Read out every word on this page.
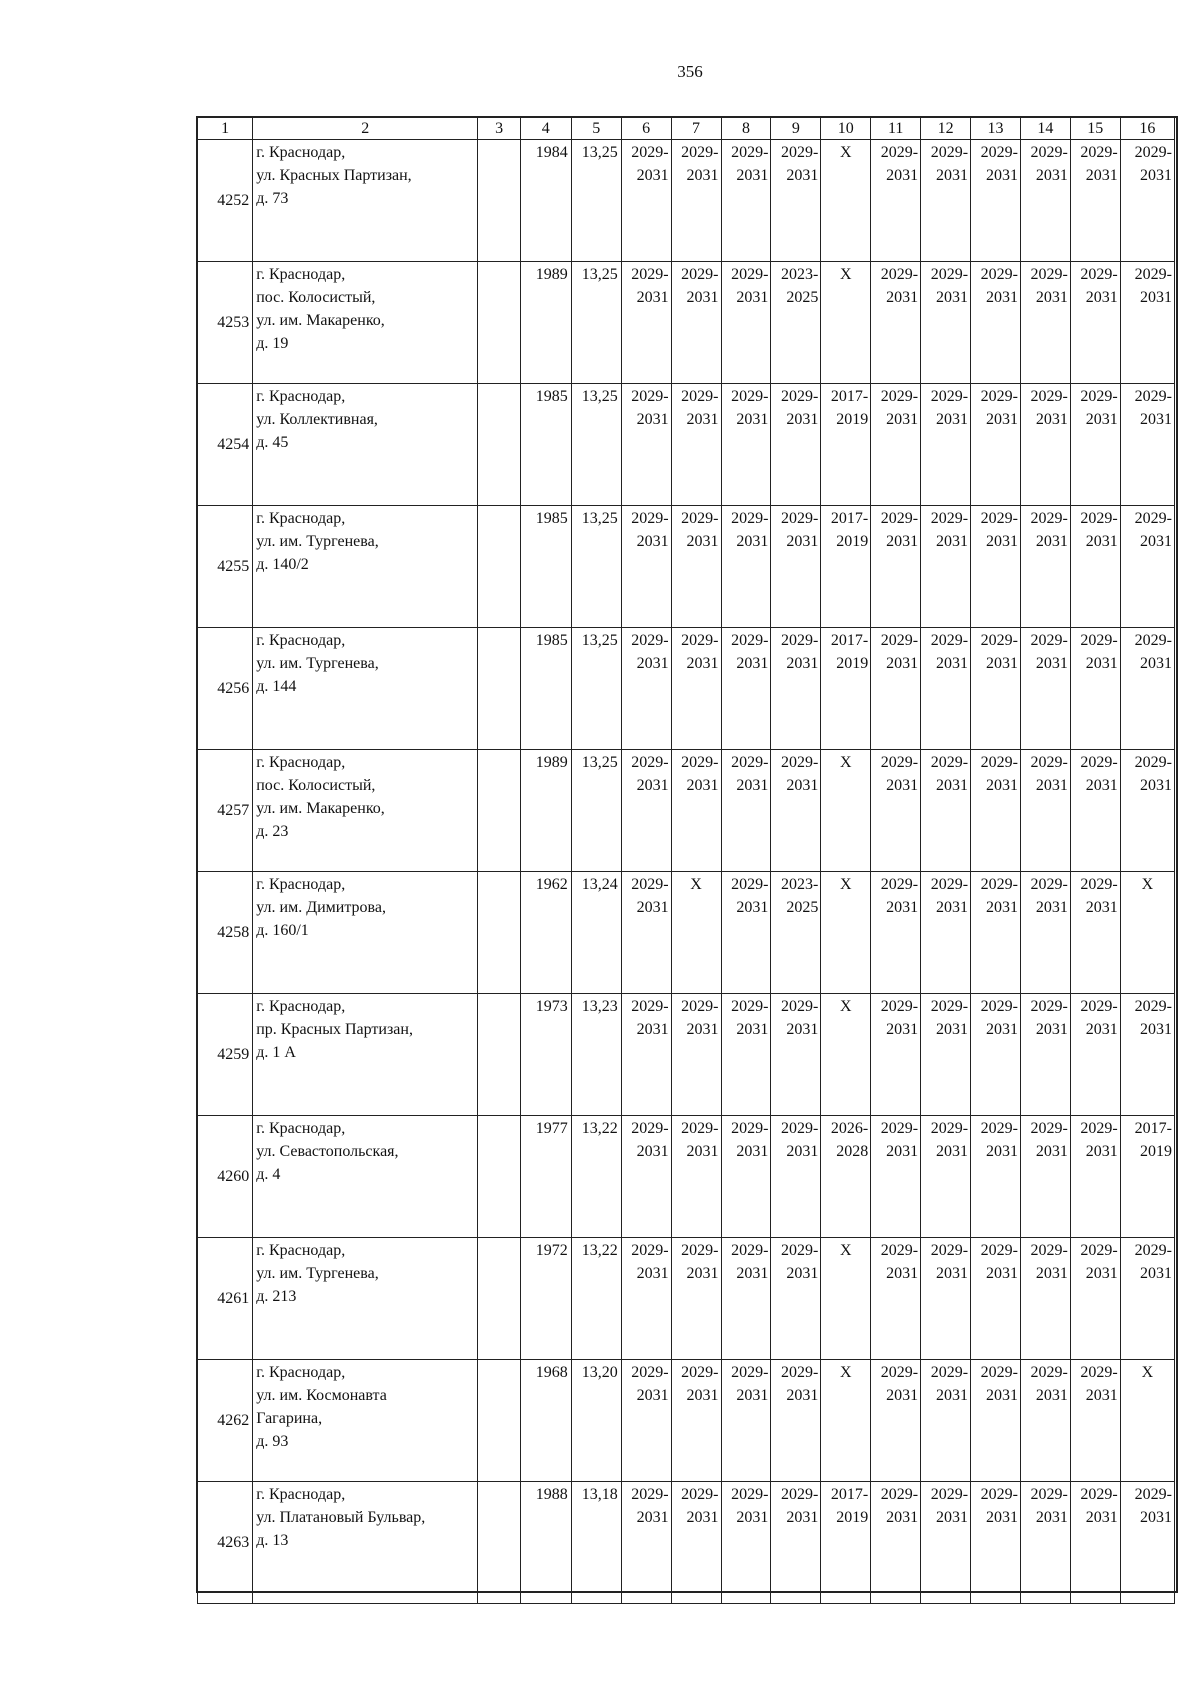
356
1	2	3	4	5	6	7	8	9	10	11	12	13	14	15	16
4252	г. Краснодар,
ул. Красных Партизан,
д. 73		1984	13,25	2029-
2031	2029-
2031	2029-
2031	2029-
2031	X	2029-
2031	2029-
2031	2029-
2031	2029-
2031	2029-
2031	2029-
2031

4253	г. Краснодар,
пос. Колосистый,
ул. им. Макаренко,
д. 19		1989	13,25	2029-
2031	2029-
2031	2029-
2031	2023-
2025	X	2029-
2031	2029-
2031	2029-
2031	2029-
2031	2029-
2031	2029-
2031

4254	г. Краснодар,
ул. Коллективная,
д. 45		1985	13,25	2029-
2031	2029-
2031	2029-
2031	2029-
2031	2017-
2019	2029-
2031	2029-
2031	2029-
2031	2029-
2031	2029-
2031	2029-
2031

4255	г. Краснодар,
ул. им. Тургенева,
д. 140/2		1985	13,25	2029-
2031	2029-
2031	2029-
2031	2029-
2031	2017-
2019	2029-
2031	2029-
2031	2029-
2031	2029-
2031	2029-
2031	2029-
2031

4256	г. Краснодар,
ул. им. Тургенева,
д. 144		1985	13,25	2029-
2031	2029-
2031	2029-
2031	2029-
2031	2017-
2019	2029-
2031	2029-
2031	2029-
2031	2029-
2031	2029-
2031	2029-
2031

4257	г. Краснодар,
пос. Колосистый,
ул. им. Макаренко,
д. 23		1989	13,25	2029-
2031	2029-
2031	2029-
2031	2029-
2031	X	2029-
2031	2029-
2031	2029-
2031	2029-
2031	2029-
2031	2029-
2031

4258	г. Краснодар,
ул. им. Димитрова,
д. 160/1		1962	13,24	2029-
2031	X	2029-
2031	2023-
2025	X	2029-
2031	2029-
2031	2029-
2031	2029-
2031	2029-
2031	X
4259	г. Краснодар,
пр. Красных Партизан,
д. 1 А		1973	13,23	2029-
2031	2029-
2031	2029-
2031	2029-
2031	X	2029-
2031	2029-
2031	2029-
2031	2029-
2031	2029-
2031	2029-
2031

4260	г. Краснодар,
ул. Севастопольская,
д. 4		1977	13,22	2029-
2031	2029-
2031	2029-
2031	2029-
2031	2026-
2028	2029-
2031	2029-
2031	2029-
2031	2029-
2031	2029-
2031	2017-
2019

4261	г. Краснодар,
ул. им. Тургенева,
д. 213		1972	13,22	2029-
2031	2029-
2031	2029-
2031	2029-
2031	X	2029-
2031	2029-
2031	2029-
2031	2029-
2031	2029-
2031	2029-
2031

4262	г. Краснодар,
ул. им. Космонавта
Гагарина,
д. 93		1968	13,20	2029-
2031	2029-
2031	2029-
2031	2029-
2031	X	2029-
2031	2029-
2031	2029-
2031	2029-
2031	2029-
2031	X
4263	г. Краснодар,
ул. Платановый Бульвар,
д. 13		1988	13,18	2029-
2031	2029-
2031	2029-
2031	2029-
2031	2017-
2019	2029-
2031	2029-
2031	2029-
2031	2029-
2031	2029-
2031	2029-
2031
